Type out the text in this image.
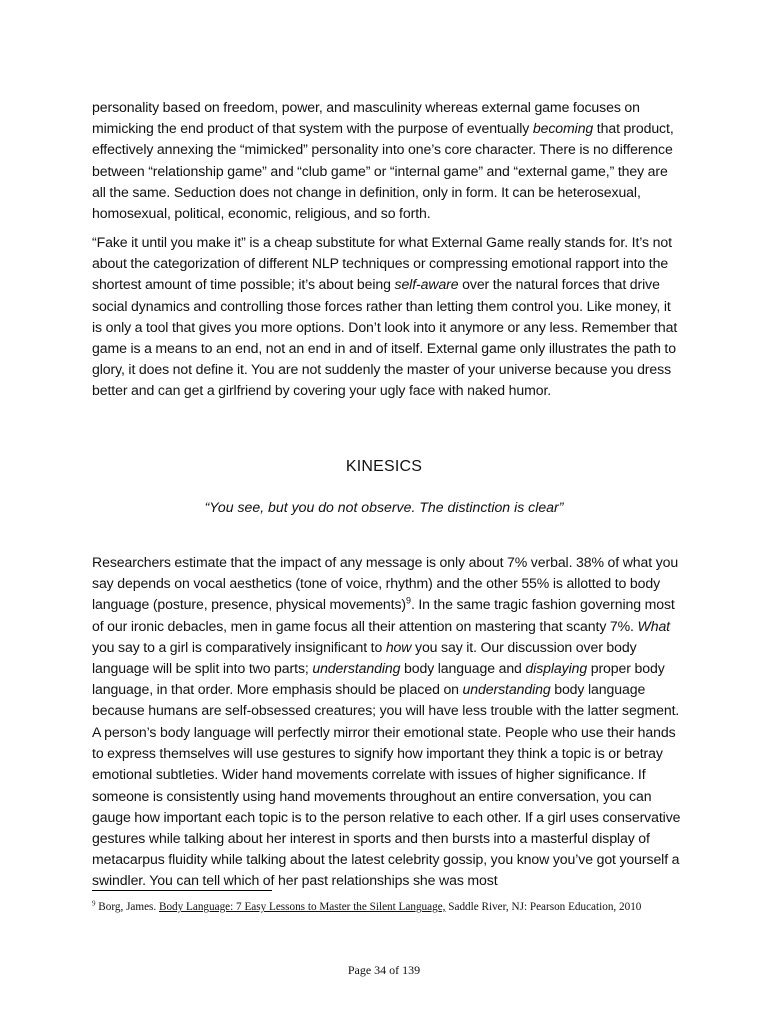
personality based on freedom, power, and masculinity whereas external game focuses on mimicking the end product of that system with the purpose of eventually becoming that product, effectively annexing the “mimicked” personality into one’s core character. There is no difference between “relationship game” and “club game” or “internal game” and “external game,” they are all the same. Seduction does not change in definition, only in form. It can be heterosexual, homosexual, political, economic, religious, and so forth.

“Fake it until you make it” is a cheap substitute for what External Game really stands for. It’s not about the categorization of different NLP techniques or compressing emotional rapport into the shortest amount of time possible; it’s about being self-aware over the natural forces that drive social dynamics and controlling those forces rather than letting them control you. Like money, it is only a tool that gives you more options. Don’t look into it anymore or any less. Remember that game is a means to an end, not an end in and of itself. External game only illustrates the path to glory, it does not define it. You are not suddenly the master of your universe because you dress better and can get a girlfriend by covering your ugly face with naked humor.

KINESICS
“You see, but you do not observe. The distinction is clear”

Researchers estimate that the impact of any message is only about 7% verbal. 38% of what you say depends on vocal aesthetics (tone of voice, rhythm) and the other 55% is allotted to body language (posture, presence, physical movements)$^9$. In the same tragic fashion governing most of our ironic debacles, men in game focus all their attention on mastering that scanty 7%. What you say to a girl is comparatively insignificant to how you say it. Our discussion over body language will be split into two parts; understanding body language and displaying proper body language, in that order. More emphasis should be placed on understanding body language because humans are self-obsessed creatures; you will have less trouble with the latter segment.

A person’s body language will perfectly mirror their emotional state. People who use their hands to express themselves will use gestures to signify how important they think a topic is or betray emotional subtleties. Wider hand movements correlate with issues of higher significance. If someone is consistently using hand movements throughout an entire conversation, you can gauge how important each topic is to the person relative to each other. If a girl uses conservative gestures while talking about her interest in sports and then bursts into a masterful display of metacarpus fluidity while talking about the latest celebrity gossip, you know you’ve got yourself a swindler. You can tell which of her past relationships she was most

$^9$ Borg, James. Body Language: 7 Easy Lessons to Master the Silent Language, Saddle River, NJ: Pearson Education, 2010
Page 34 of 139
